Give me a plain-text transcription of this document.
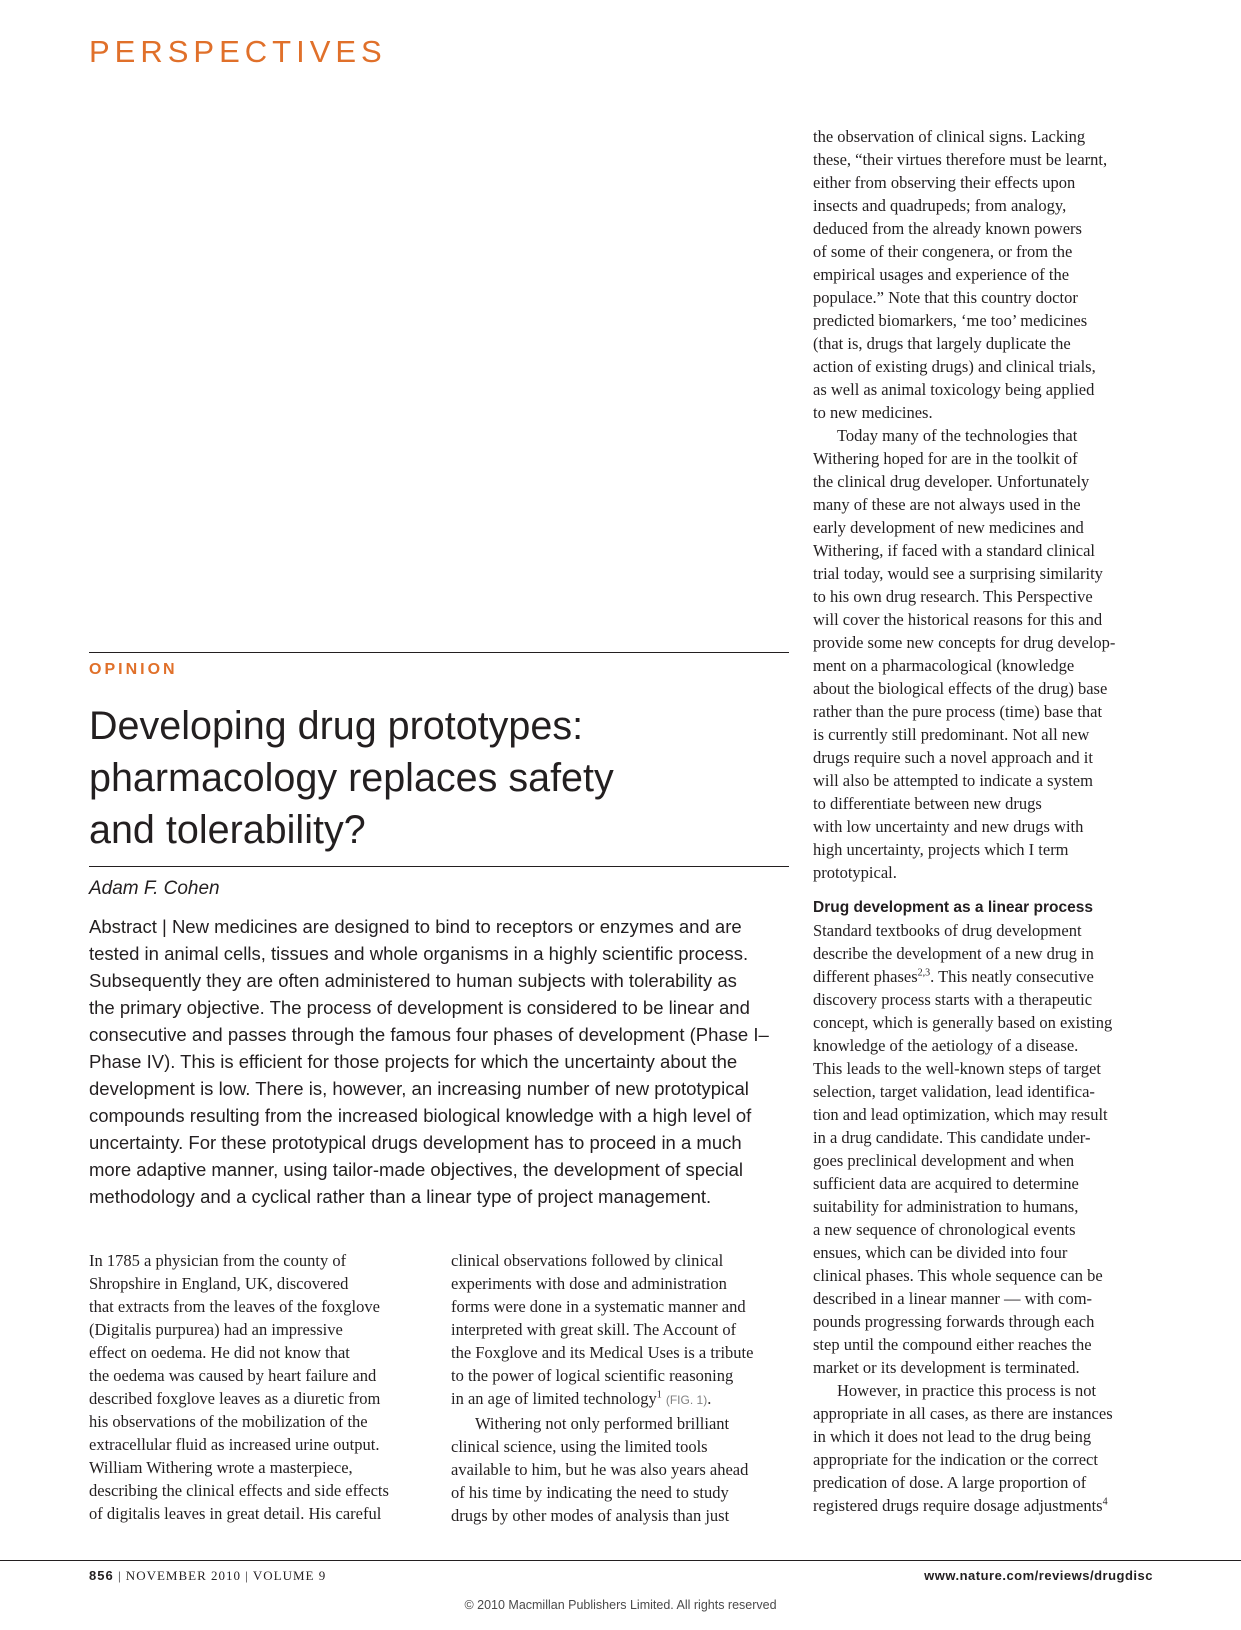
PERSPECTIVES
OPINION
Developing drug prototypes:
pharmacology replaces safety
and tolerability?
Adam F. Cohen
Abstract | New medicines are designed to bind to receptors or enzymes and are
tested in animal cells, tissues and whole organisms in a highly scientific process.
Subsequently they are often administered to human subjects with tolerability as
the primary objective. The process of development is considered to be linear and
consecutive and passes through the famous four phases of development (Phase I–
Phase IV). This is efficient for those projects for which the uncertainty about the
development is low. There is, however, an increasing number of new prototypical
compounds resulting from the increased biological knowledge with a high level of
uncertainty. For these prototypical drugs development has to proceed in a much
more adaptive manner, using tailor-made objectives, the development of special
methodology and a cyclical rather than a linear type of project management.
In 1785 a physician from the county of
Shropshire in England, UK, discovered
that extracts from the leaves of the foxglove
(Digitalis purpurea) had an impressive
effect on oedema. He did not know that
the oedema was caused by heart failure and
described foxglove leaves as a diuretic from
his observations of the mobilization of the
extracellular fluid as increased urine output.
William Withering wrote a masterpiece,
describing the clinical effects and side effects
of digitalis leaves in great detail. His careful
clinical observations followed by clinical
experiments with dose and administration
forms were done in a systematic manner and
interpreted with great skill. The Account of
the Foxglove and its Medical Uses is a tribute
to the power of logical scientific reasoning
in an age of limited technology$^1$ (FIG. 1).
Withering not only performed brilliant
clinical science, using the limited tools
available to him, but he was also years ahead
of his time by indicating the need to study
drugs by other modes of analysis than just
the observation of clinical signs. Lacking
these, “their virtues therefore must be learnt,
either from observing their effects upon
insects and quadrupeds; from analogy,
deduced from the already known powers
of some of their congenera, or from the
empirical usages and experience of the
populace.” Note that this country doctor
predicted biomarkers, ‘me too’ medicines
(that is, drugs that largely duplicate the
action of existing drugs) and clinical trials,
as well as animal toxicology being applied
to new medicines.
Today many of the technologies that
Withering hoped for are in the toolkit of
the clinical drug developer. Unfortunately
many of these are not always used in the
early development of new medicines and
Withering, if faced with a standard clinical
trial today, would see a surprising similarity
to his own drug research. This Perspective
will cover the historical reasons for this and
provide some new concepts for drug develop-
ment on a pharmacological (knowledge
about the biological effects of the drug) base
rather than the pure process (time) base that
is currently still predominant. Not all new
drugs require such a novel approach and it
will also be attempted to indicate a system
to differentiate between new drugs
with low uncertainty and new drugs with
high uncertainty, projects which I term
prototypical.
Drug development as a linear process
Standard textbooks of drug development
describe the development of a new drug in
different phases$^{2,3}$. This neatly consecutive
discovery process starts with a therapeutic
concept, which is generally based on existing
knowledge of the aetiology of a disease.
This leads to the well-known steps of target
selection, target validation, lead identifica-
tion and lead optimization, which may result
in a drug candidate. This candidate under-
goes preclinical development and when
sufficient data are acquired to determine
suitability for administration to humans,
a new sequence of chronological events
ensues, which can be divided into four
clinical phases. This whole sequence can be
described in a linear manner — with com-
pounds progressing forwards through each
step until the compound either reaches the
market or its development is terminated.
However, in practice this process is not
appropriate in all cases, as there are instances
in which it does not lead to the drug being
appropriate for the indication or the correct
predication of dose. A large proportion of
registered drugs require dosage adjustments$^4$
856 | NOVEMBER 2010 | VOLUME 9	www.nature.com/reviews/drugdisc
© 2010 Macmillan Publishers Limited. All rights reserved
